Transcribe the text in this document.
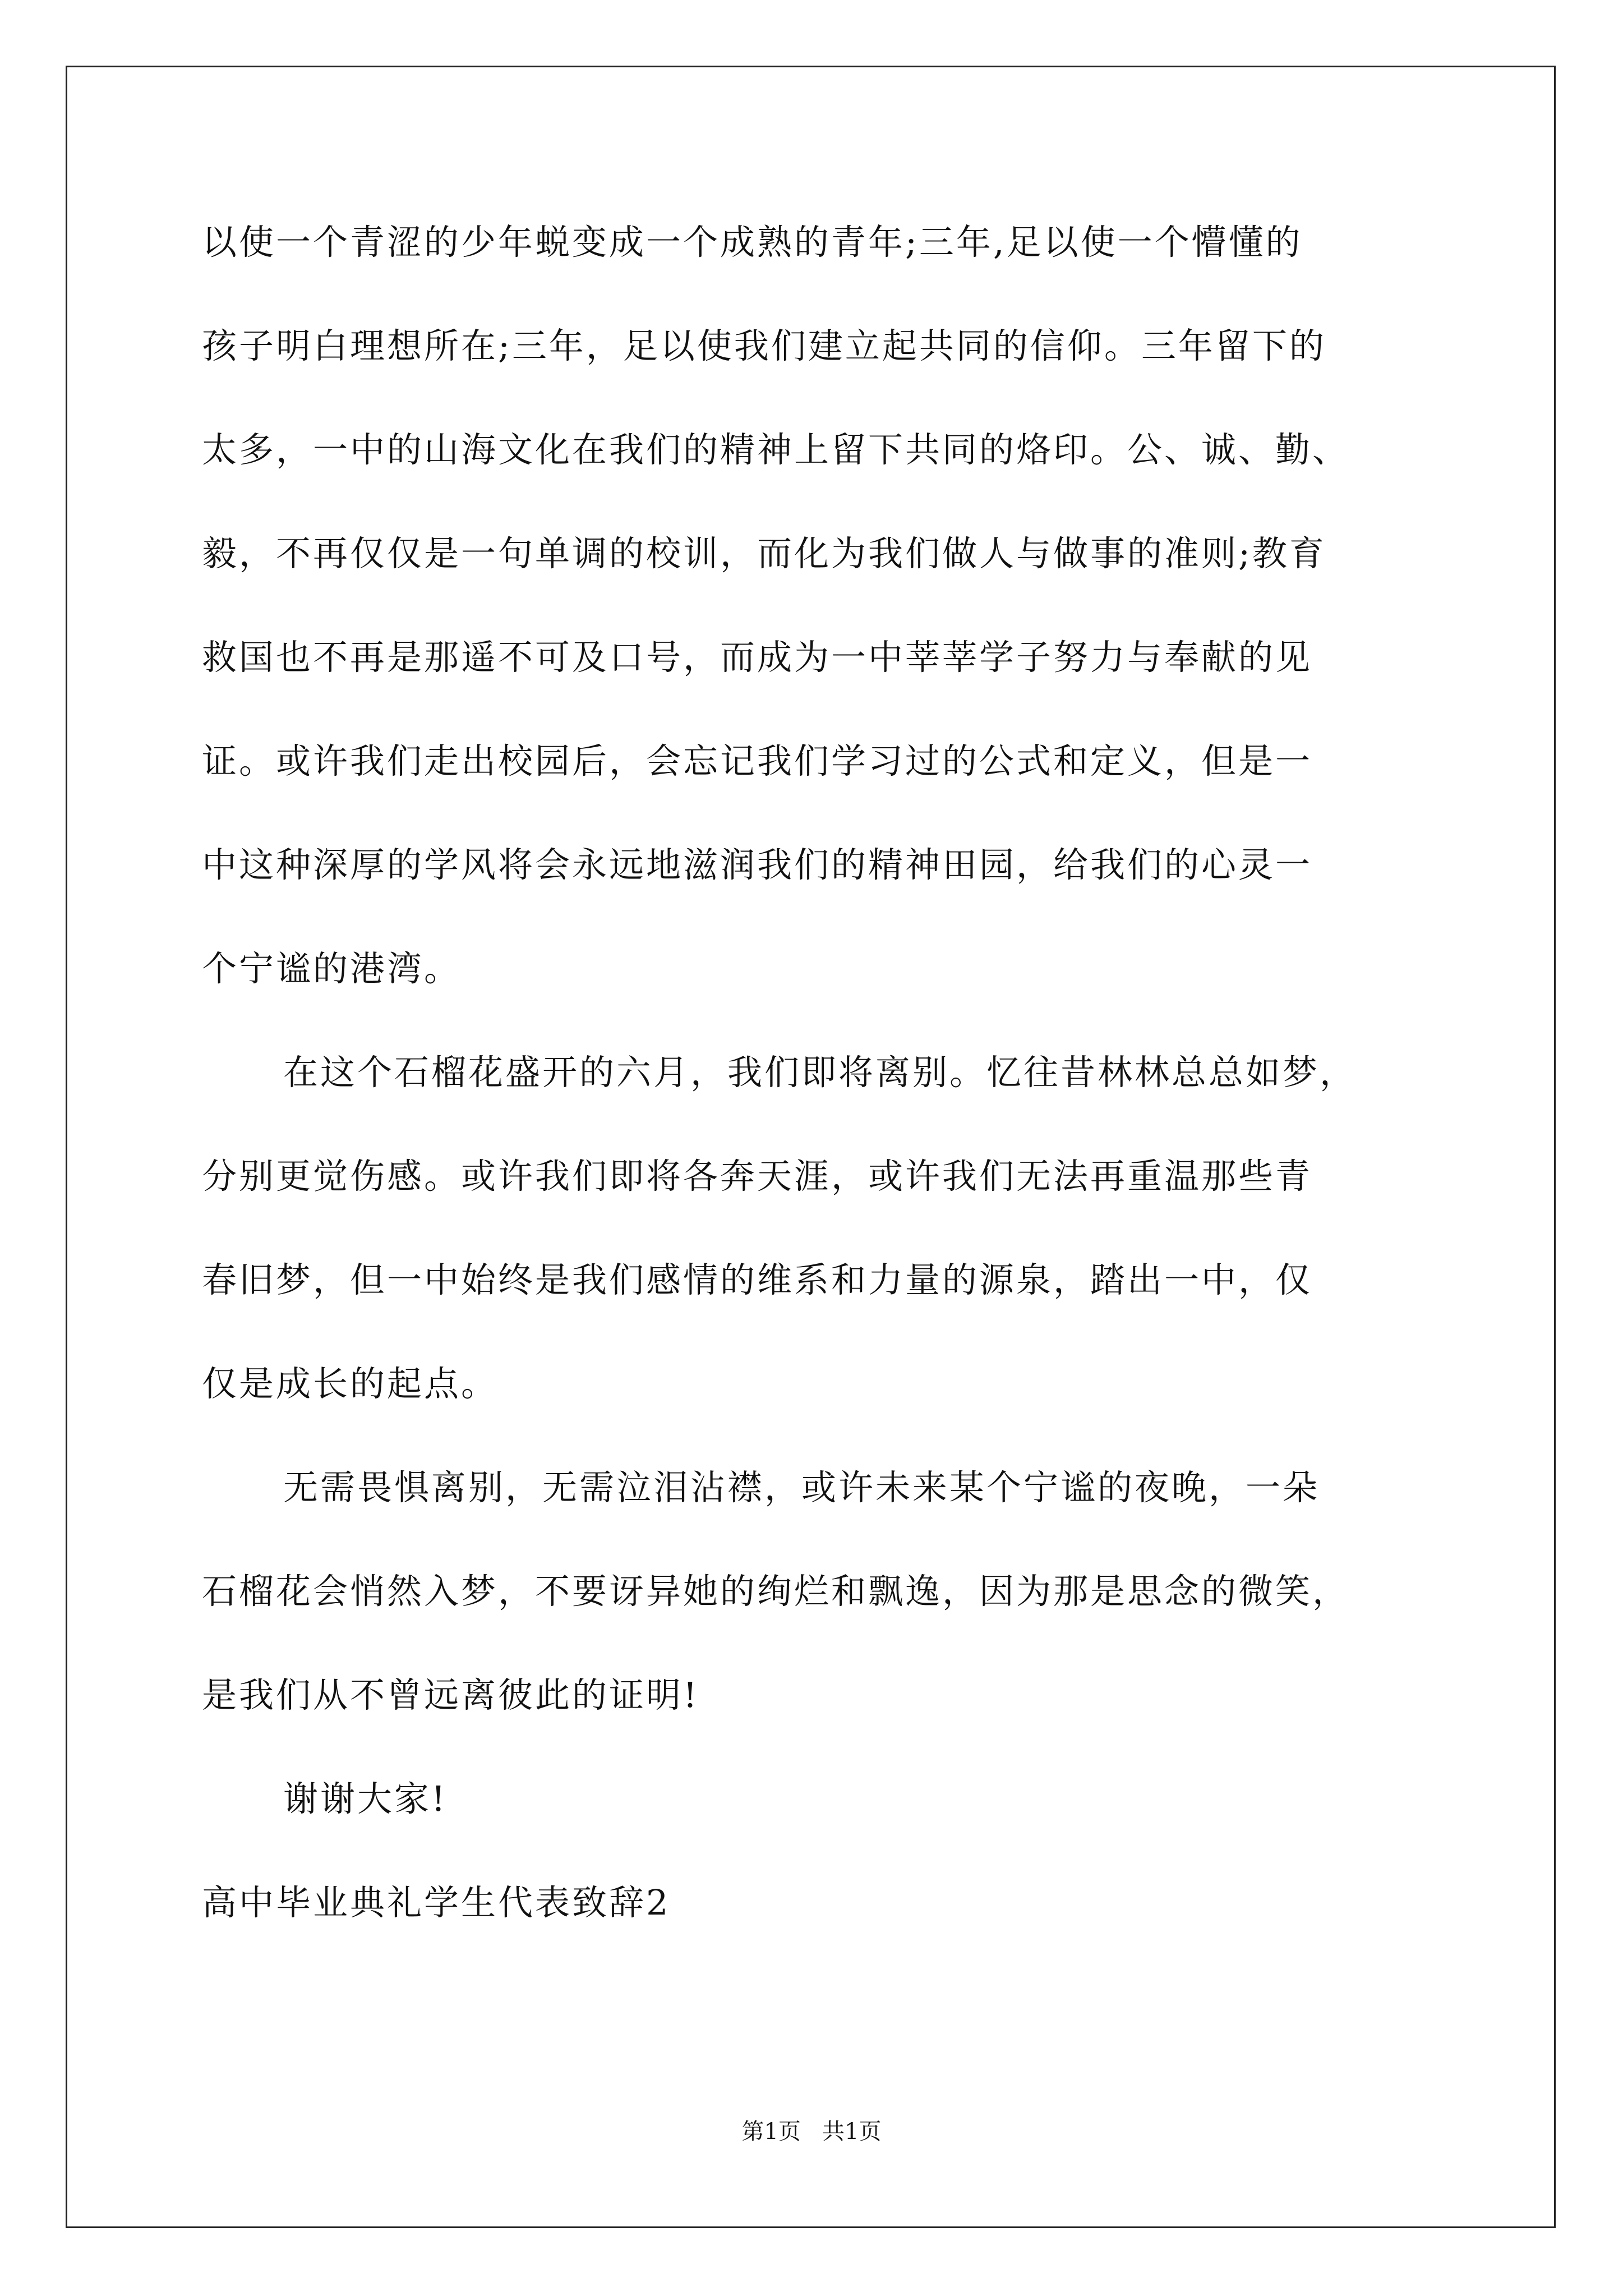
以使一个青涩的少年蜕变成一个成熟的青年;三年,足以使一个懵懂的
孩子明白理想所在;三年，足以使我们建立起共同的信仰。三年留下的
太多，一中的山海文化在我们的精神上留下共同的烙印。公、诚、勤、
毅，不再仅仅是一句单调的校训，而化为我们做人与做事的准则;教育
救国也不再是那遥不可及口号，而成为一中莘莘学子努力与奉献的见
证。或许我们走出校园后，会忘记我们学习过的公式和定义，但是一
中这种深厚的学风将会永远地滋润我们的精神田园，给我们的心灵一
个宁谧的港湾。
在这个石榴花盛开的六月，我们即将离别。忆往昔林林总总如梦，
分别更觉伤感。或许我们即将各奔天涯，或许我们无法再重温那些青
春旧梦，但一中始终是我们感情的维系和力量的源泉，踏出一中，仅
仅是成长的起点。
无需畏惧离别，无需泣泪沾襟，或许未来某个宁谧的夜晚，一朵
石榴花会悄然入梦，不要讶异她的绚烂和飘逸，因为那是思念的微笑，
是我们从不曾远离彼此的证明!
谢谢大家!
高中毕业典礼学生代表致辞2
第1页   共1页
